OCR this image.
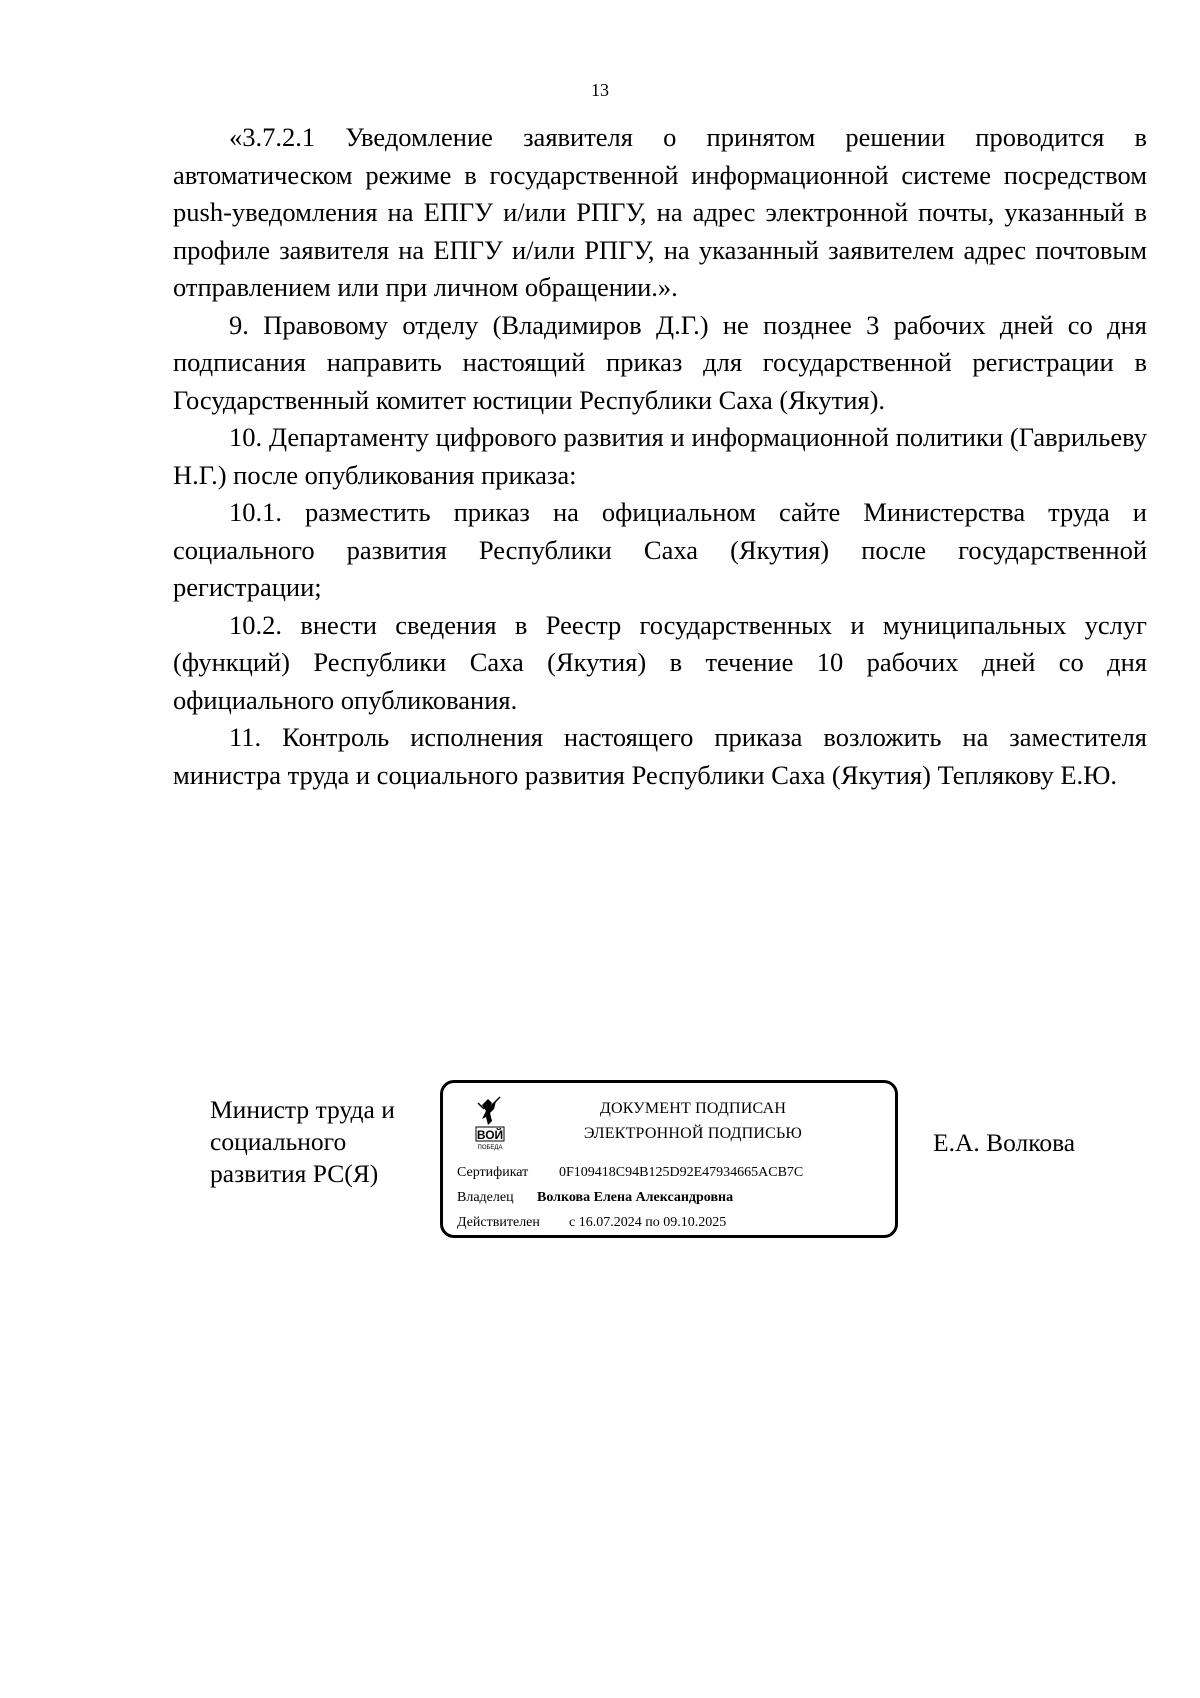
13

«3.7.2.1 Уведомление заявителя о принятом решении проводится в автоматическом режиме в государственной информационной системе посредством push-уведомления на ЕПГУ и/или РПГУ, на адрес электронной почты, указанный в профиле заявителя на ЕПГУ и/или РПГУ, на указанный заявителем адрес почтовым отправлением или при личном обращении.».

9. Правовому отделу (Владимиров Д.Г.) не позднее 3 рабочих дней со дня подписания направить настоящий приказ для государственной регистрации в Государственный комитет юстиции Республики Саха (Якутия).

10. Департаменту цифрового развития и информационной политики (Гаврильеву Н.Г.) после опубликования приказа:

10.1. разместить приказ на официальном сайте Министерства труда и социального развития Республики Саха (Якутия) после государственной регистрации;

10.2. внести сведения в Реестр государственных и муниципальных услуг (функций) Республики Саха (Якутия) в течение 10 рабочих дней со дня официального опубликования.

11. Контроль исполнения настоящего приказа возложить на заместителя министра труда и социального развития Республики Саха (Якутия) Теплякову Е.Ю.

Министр труда и
социального
развития РС(Я)
ВОЙ
ПОБЕДА
ДОКУМЕНТ ПОДПИСАН
ЭЛЕКТРОННОЙ ПОДПИСЬЮ
Сертификат 0F109418C94B125D92E47934665ACB7C
Владелец Волкова Елена Александровна
Действителен с 16.07.2024 по 09.10.2025
Е.А. Волкова
